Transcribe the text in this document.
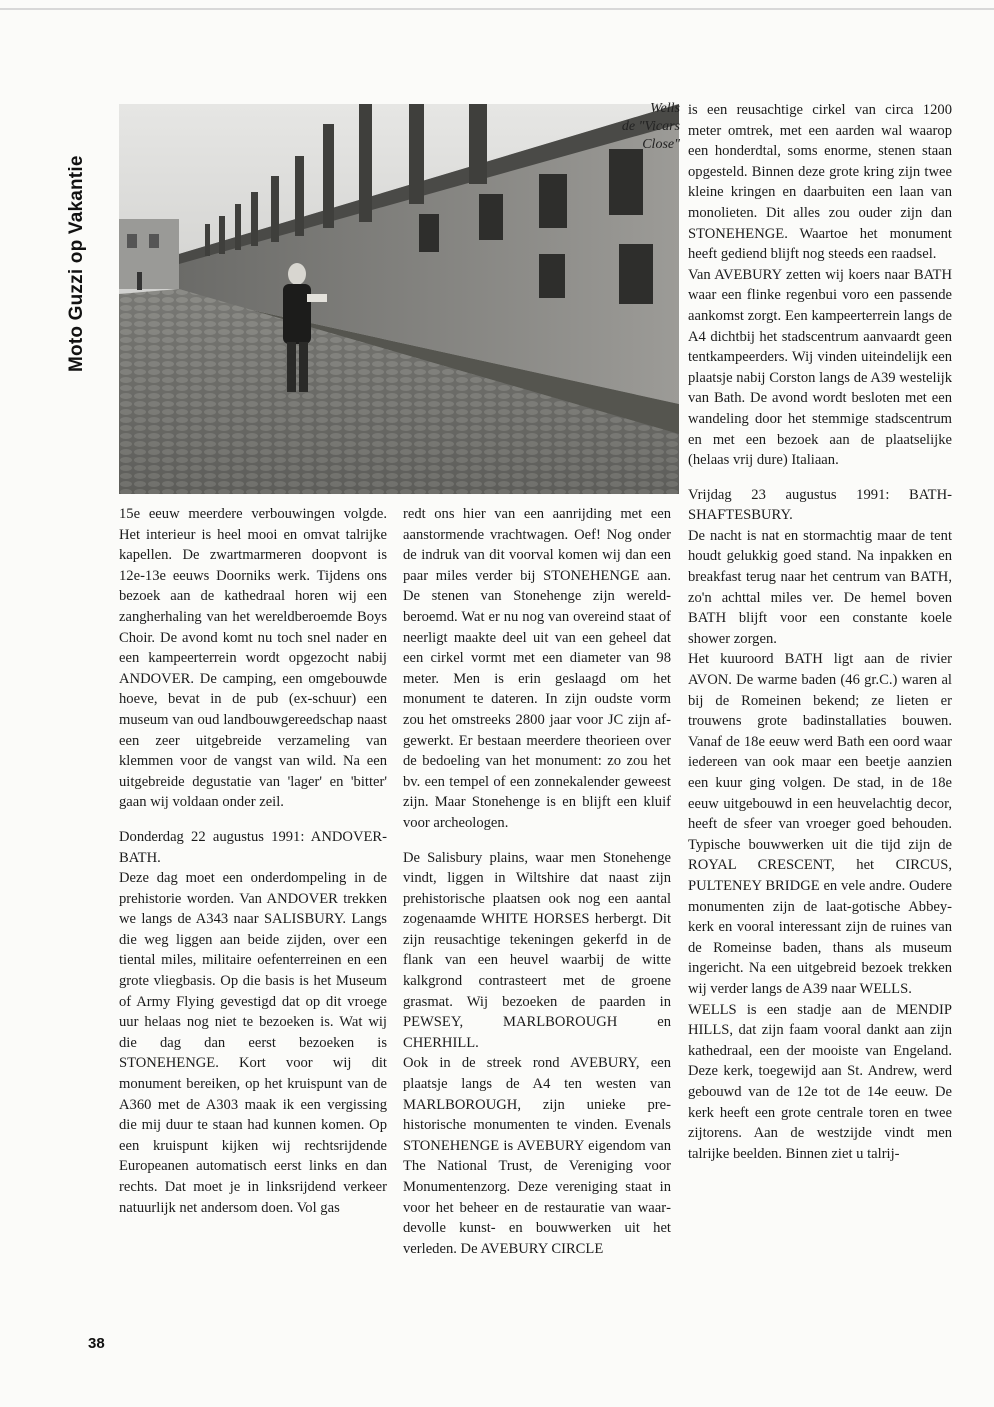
Moto Guzzi op Vakantie
Wells
de "Vicars
Close"

15e eeuw meerdere verbouwingen volgde. Het interieur is heel mooi en omvat talrijke kapellen. De zwartmarmeren doopvont is 12e-13e eeuws Doorniks werk. Tijdens ons bezoek aan de kathedraal horen wij een zangherhaling van het wereldberoemde Boys Choir. De avond komt nu toch snel nader en een kampeerterrein wordt opgezocht nabij ANDOVER. De camping, een omgebouwde hoeve, bevat in de pub (ex-schuur) een museum van oud landbouwgereedschap naast een zeer uitgebreide verzameling van klemmen voor de vangst van wild. Na een uitgebreide degustatie van 'lager' en 'bitter' gaan wij voldaan onder zeil.

Donderdag 22 augustus 1991: ANDOVER-BATH.

Deze dag moet een onderdompeling in de prehistorie worden. Van ANDOVER trekken we langs de A343 naar SALISBURY. Langs die weg liggen aan beide zijden, over een tiental miles, militaire oefenterreinen en een grote vliegbasis. Op die basis is het Museum of Army Flying gevestigd dat op dit vroege uur helaas nog niet te bezoeken is. Wat wij die dag dan eerst bezoeken is STONEHENGE. Kort voor wij dit monument bereiken, op het kruispunt van de A360 met de A303 maak ik een vergissing die mij duur te staan had kunnen komen. Op een kruispunt kijken wij rechtsrijdende Europeanen automatisch eerst links en dan rechts. Dat moet je in linksrijdend verkeer natuurlijk net andersom doen. Vol gas

redt ons hier van een aanrijding met een aanstormende vrachtwagen. Oef! Nog onder de indruk van dit voorval komen wij dan een paar miles verder bij STONEHENGE aan. De stenen van Stonehenge zijn wereldberoemd. Wat er nu nog van overeind staat of neerligt maakte deel uit van een geheel dat een cirkel vormt met een diameter van 98 meter. Men is erin geslaagd om het monument te dateren. In zijn oudste vorm zou het omstreeks 2800 jaar voor JC zijn afgewerkt. Er bestaan meerdere theorieen over de bedoeling van het monument: zo zou het bv. een tempel of een zonnekalender geweest zijn. Maar Stonehenge is en blijft een kluif voor archeologen.

De Salisbury plains, waar men Stonehenge vindt, liggen in Wiltshire dat naast zijn prehistorische plaatsen ook nog een aantal zogenaamde WHITE HORSES herbergt. Dit zijn reusachtige tekeningen gekerfd in de flank van een heuvel waarbij de witte kalkgrond contrasteert met de groene grasmat. Wij bezoeken de paarden in PEWSEY, MARLBOROUGH en CHERHILL.

Ook in de streek rond AVEBURY, een plaatsje langs de A4 ten westen van MARLBOROUGH, zijn unieke prehistorische monumenten te vinden. Evenals STONEHENGE is AVEBURY eigendom van The National Trust, de Vereniging voor Monumentenzorg. Deze vereniging staat in voor het beheer en de restauratie van waardevolle kunst- en bouwwerken uit het verleden. De AVEBURY CIRCLE

is een reusachtige cirkel van circa 1200 meter omtrek, met een aarden wal waarop een honderdtal, soms enorme, stenen staan opgesteld. Binnen deze grote kring zijn twee kleine kringen en daarbuiten een laan van monolieten. Dit alles zou ouder zijn dan STONEHENGE. Waartoe het monument heeft gediend blijft nog steeds een raadsel.

Van AVEBURY zetten wij koers naar BATH waar een flinke regenbui voro een passende aankomst zorgt. Een kampeerterrein langs de A4 dichtbij het stadscentrum aanvaardt geen tentkampeerders. Wij vinden uiteindelijk een plaatsje nabij Corston langs de A39 westelijk van Bath. De avond wordt besloten met een wandeling door het stemmige stadscentrum en met een bezoek aan de plaatselijke (helaas vrij dure) Italiaan.

Vrijdag 23 augustus 1991: BATH-SHAFTESBURY.

De nacht is nat en stormachtig maar de tent houdt gelukkig goed stand. Na inpakken en breakfast terug naar het centrum van BATH, zo'n achttal miles ver. De hemel boven BATH blijft voor een constante koele shower zorgen.

Het kuuroord BATH ligt aan de rivier AVON. De warme baden (46 gr.C.) waren al bij de Romeinen bekend; ze lieten er trouwens grote badinstallaties bouwen. Vanaf de 18e eeuw werd Bath een oord waar iedereen van ook maar een beetje aanzien een kuur ging volgen. De stad, in de 18e eeuw uitgebouwd in een heuvelachtig decor, heeft de sfeer van vroeger goed behouden. Typische bouwwerken uit die tijd zijn de ROYAL CRESCENT, het CIRCUS, PULTENEY BRIDGE en vele andre. Oudere monumenten zijn de laat-gotische Abbey-kerk en vooral interessant zijn de ruines van de Romeinse baden, thans als museum ingericht. Na een uitgebreid bezoek trekken wij verder langs de A39 naar WELLS.

WELLS is een stadje aan de MENDIP HILLS, dat zijn faam vooral dankt aan zijn kathedraal, een der mooiste van Engeland. Deze kerk, toegewijd aan St. Andrew, werd gebouwd van de 12e tot de 14e eeuw. De kerk heeft een grote centrale toren en twee zijtorens. Aan de westzijde vindt men talrijke beelden. Binnen ziet u talrij-

38
